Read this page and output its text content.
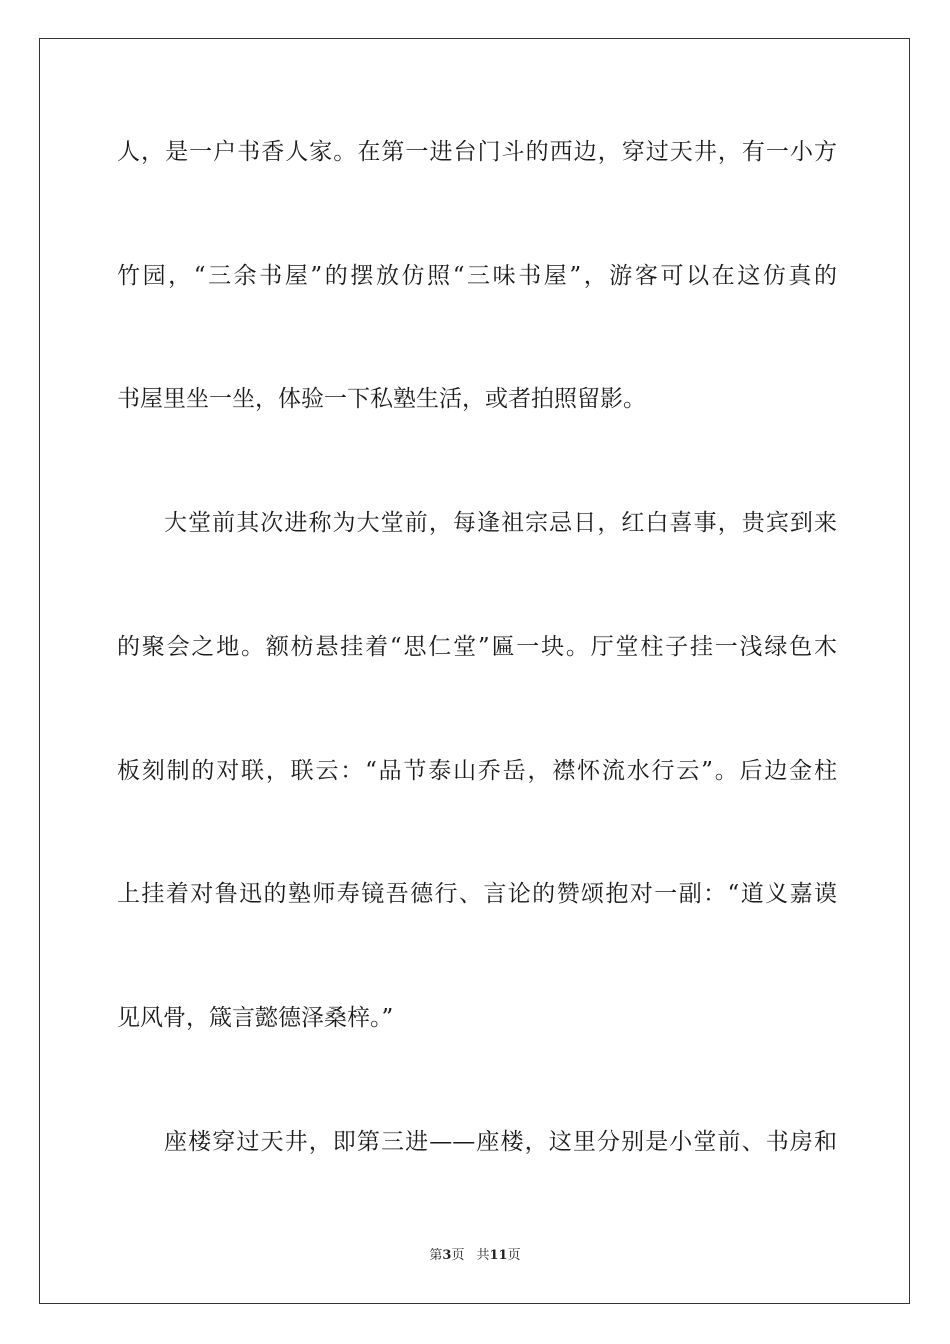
人，是一户书香人家。在第一进台门斗的西边，穿过天井，有一小方
竹园，“三余书屋”的摆放仿照“三味书屋”，游客可以在这仿真的
书屋里坐一坐，体验一下私塾生活，或者拍照留影。
大堂前其次进称为大堂前，每逢祖宗忌日，红白喜事，贵宾到来
的聚会之地。额枋悬挂着“思仁堂”匾一块。厅堂柱子挂一浅绿色木
板刻制的对联，联云：“品节泰山乔岳，襟怀流水行云”。后边金柱
上挂着对鲁迅的塾师寿镜吾德行、言论的赞颂抱对一副：“道义嘉谟
见风骨，箴言懿德泽桑梓。”
座楼穿过天井，即第三进——座楼，这里分别是小堂前、书房和
第3页 共11页
